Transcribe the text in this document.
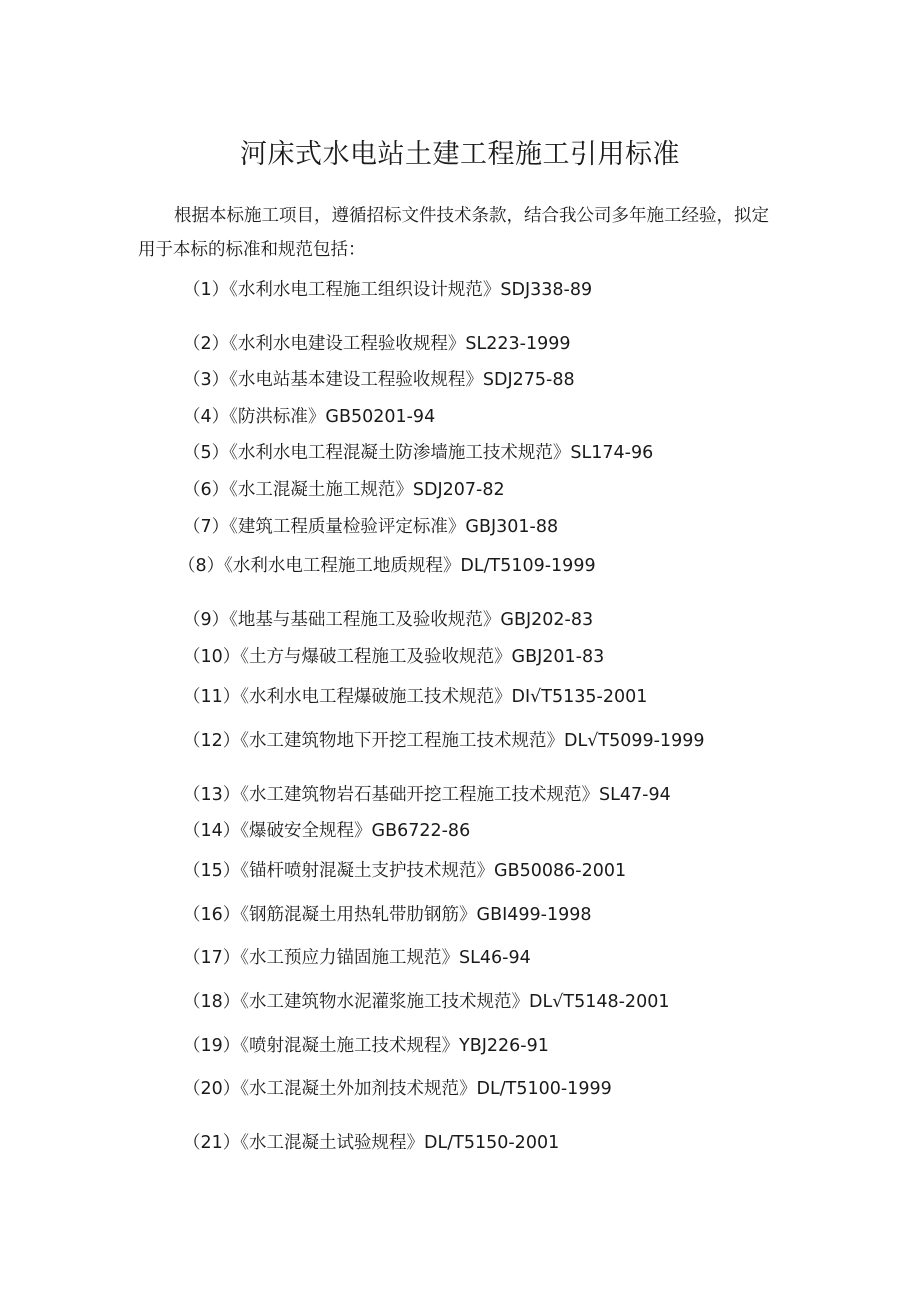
河床式水电站土建工程施工引用标准
根据本标施工项目，遵循招标文件技术条款，结合我公司多年施工经验，拟定用于本标的标准和规范包括：
（1）《水利水电工程施工组织设计规范》SDJ338-89
（2）《水利水电建设工程验收规程》SL223-1999
（3）《水电站基本建设工程验收规程》SDJ275-88
（4）《防洪标准》GB50201-94
（5）《水利水电工程混凝土防渗墙施工技术规范》SL174-96
（6）《水工混凝土施工规范》SDJ207-82
（7）《建筑工程质量检验评定标准》GBJ301-88
（8）《水利水电工程施工地质规程》DL/T5109-1999
（9）《地基与基础工程施工及验收规范》GBJ202-83
（10）《土方与爆破工程施工及验收规范》GBJ201-83
（11）《水利水电工程爆破施工技术规范》DI√T5135-2001
（12）《水工建筑物地下开挖工程施工技术规范》DL√T5099-1999
（13）《水工建筑物岩石基础开挖工程施工技术规范》SL47-94
（14）《爆破安全规程》GB6722-86
（15）《锚杆喷射混凝土支护技术规范》GB50086-2001
（16）《钢筋混凝土用热轧带肋钢筋》GBI499-1998
（17）《水工预应力锚固施工规范》SL46-94
（18）《水工建筑物水泥灌浆施工技术规范》DL√T5148-2001
（19）《喷射混凝土施工技术规程》YBJ226-91
（20）《水工混凝土外加剂技术规范》DL/T5100-1999
（21）《水工混凝土试验规程》DL/T5150-2001
